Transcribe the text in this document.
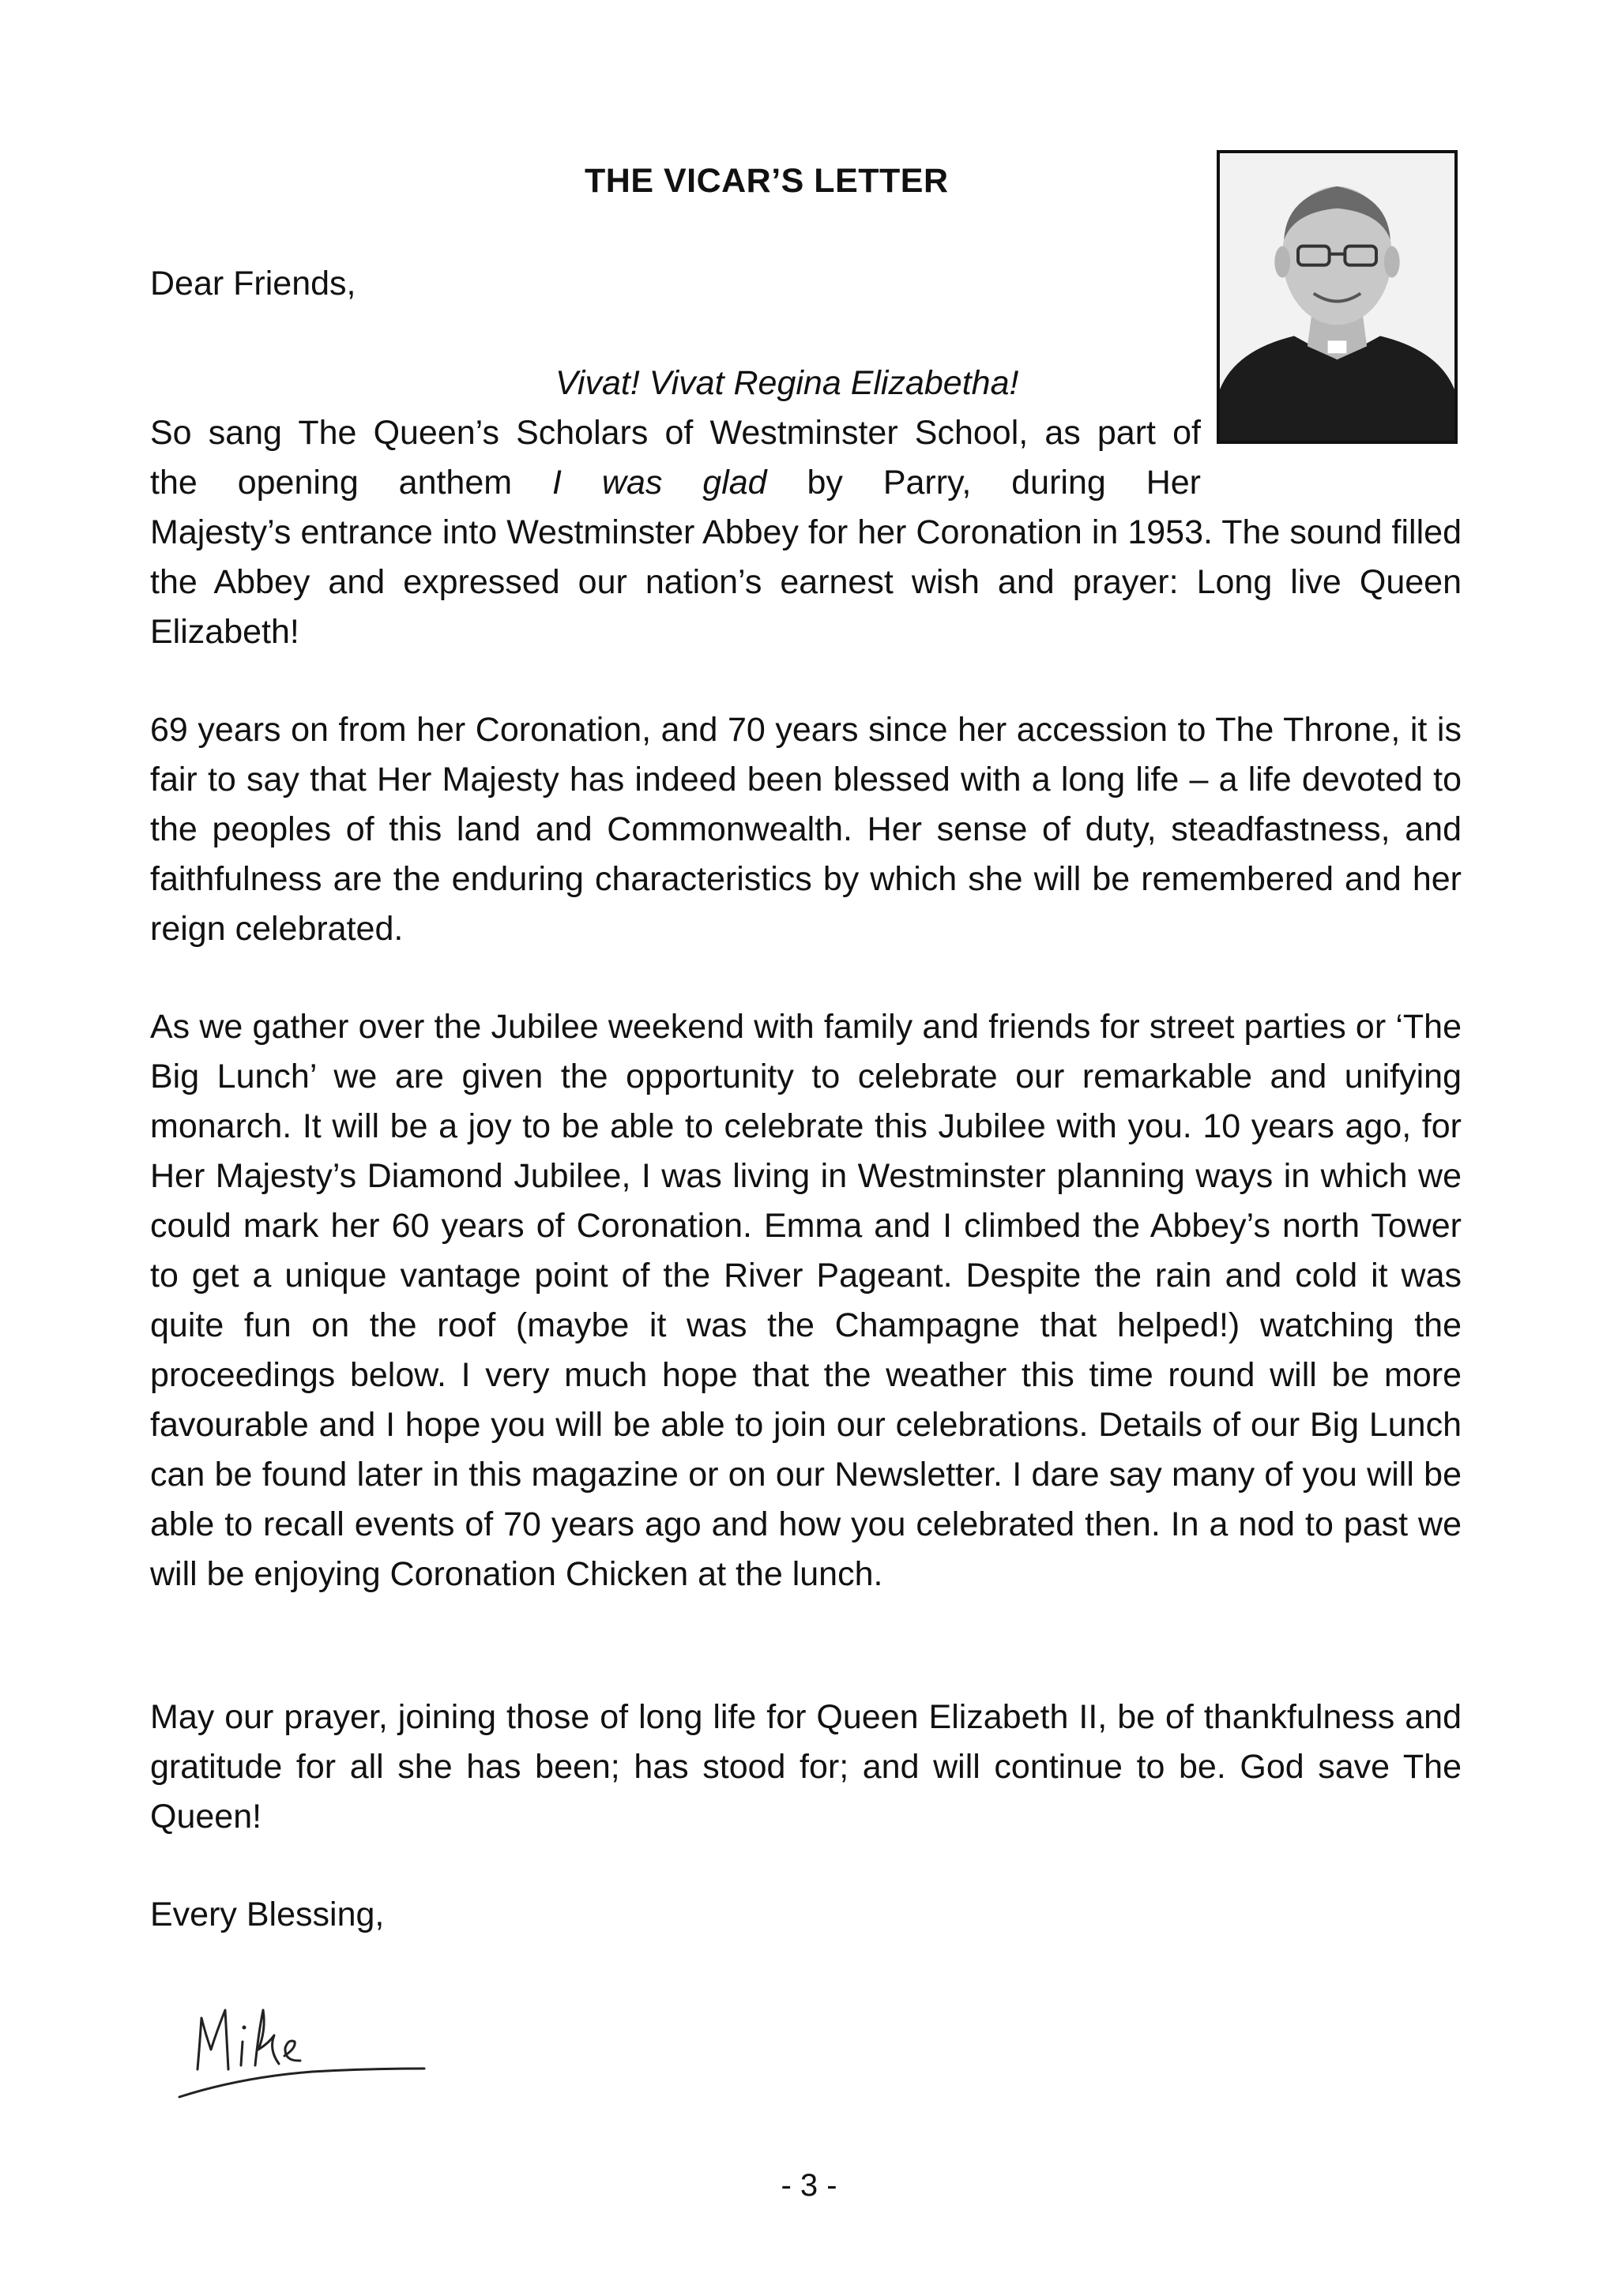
THE VICAR’S LETTER

Dear Friends,

Vivat! Vivat Regina Elizabetha!

So sang The Queen’s Scholars of Westminster School, as part of

the opening anthem I was glad by Parry, during Her

Majesty’s entrance into Westminster Abbey for her Coronation in 1953. The sound filled the Abbey and expressed our nation’s earnest wish and prayer: Long live Queen Elizabeth!

69 years on from her Coronation, and 70 years since her accession to The Throne, it is fair to say that Her Majesty has indeed been blessed with a long life – a life devoted to the peoples of this land and Commonwealth. Her sense of duty, steadfastness, and faithfulness are the enduring characteristics by which she will be remembered and her reign celebrated.

As we gather over the Jubilee weekend with family and friends for street parties or ‘The Big Lunch’ we are given the opportunity to celebrate our remarkable and unifying monarch. It will be a joy to be able to celebrate this Jubilee with you. 10 years ago, for Her Majesty’s Diamond Jubilee, I was living in Westminster planning ways in which we could mark her 60 years of Coronation. Emma and I climbed the Abbey’s north Tower to get a unique vantage point of the River Pageant. Despite the rain and cold it was quite fun on the roof (maybe it was the Champagne that helped!) watching the proceedings below. I very much hope that the weather this time round will be more favourable and I hope you will be able to join our celebrations. Details of our Big Lunch can be found later in this magazine or on our Newsletter. I dare say many of you will be able to recall events of 70 years ago and how you celebrated then. In a nod to past we will be enjoying Coronation Chicken at the lunch.

May our prayer, joining those of long life for Queen Elizabeth II, be of thankfulness and gratitude for all she has been; has stood for; and will continue to be. God save The Queen!

Every Blessing,

- 3 -
